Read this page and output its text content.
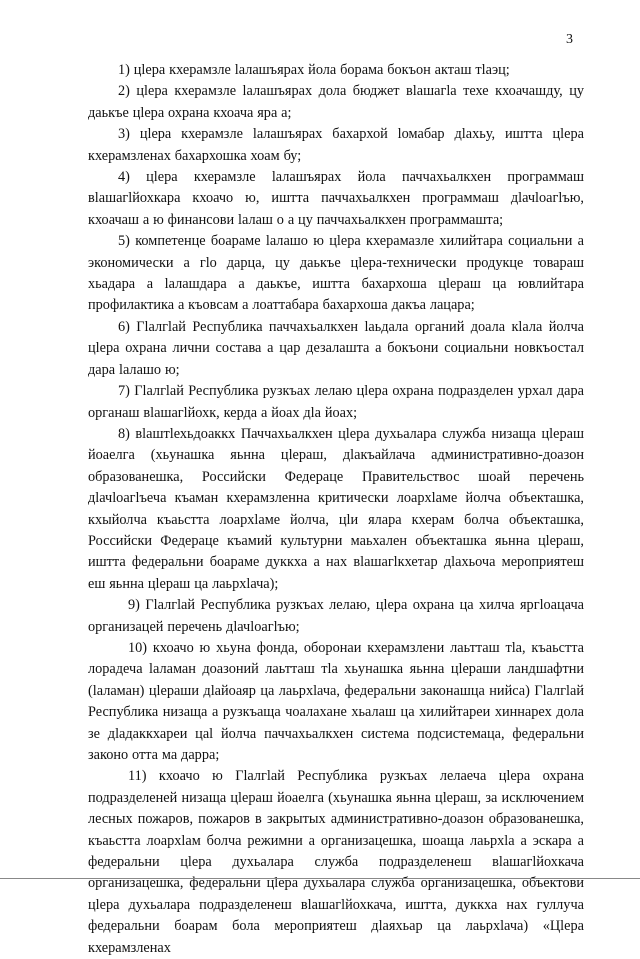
3

1) цlера кхерамзле lалашъярах йола борама бокъон акташ тlаэц;

2) цlера кхерамзле lалашъярах дола бюджет вlашагlа техе кхоачашду, цу даькъе цlера охрана кхоача яра а;

3) цlера кхерамзле lалашъярах бахархой lомабар дlахьу, иштта цlера кхерамзленах бахархошка хоам бу;

4) цlера кхерамзле lалашъярах йола паччахьалкхен программаш вlашагlйохкара кхоачо ю, иштта паччахьалкхен программаш дlачlоагlъю, кхоачаш а ю финансови lалаш о а цу паччахьалкхен программашта;

5) компетенце боараме lалашо ю цlера кхерамазле хилийтара социальни а экономически а гlо дарца, цу даькъе цlера-технически продукце товараш хьадара а lалашдара а даькъе, иштта бахархоша цlераш ца ювлийтара профилактика а къовсам а лоаттабара бахархоша дакъа лацара;

6) Гlалгlай Республика паччахьалкхен lаьдала органий доала кlала йолча цlера охрана лични состава а цар дезалашта а бокъони социальни новкъостал дара lалашо ю;

7) Гlалгlай Республика рузкъах лелаю цlера охрана подразделен урхал дара органаш вlашагlйохк, керда а йоах дlа йоах;

8) вlаштlехьдоаккх Паччахьалкхен цlера духьалара служба низаща цlераш йоаелга (хьунашка яьнна цlераш, дlакъайлача административно-доазон образованешка, Российски Федераце Правительствос шоай перечень дlачlоагlъеча къаман кхерамзленна критически лоархlаме йолча объекташка, кхыйолча къаьстта лоархlаме йолча, цlи ялара кхерам болча объекташка, Российски Федераце къамий культурни маьхален объекташка яьнна цlераш, иштта федеральни боараме дуккха а нах вlашагlкхетар дlахьоча мероприятеш еш яьнна цlераш ца лаьрхlача);

9) Гlалгlай Республика рузкъах лелаю, цlера охрана ца хилча яргlоацача организацей перечень дlачlоагlъю;

10) кхоачо ю хьуна фонда, оборонаи кхерамзлени лаьтташ тlа, къаьстта лорадеча lаламан доазоний лаьтташ тlа хьунашка яьнна цlераши ландшафтни (lаламан) цlераши дlайоаяр ца лаьрхlача, федеральни законашца нийса) Гlалгlай Республика низаща а рузкъаща чоалахане хьалаш ца хилийтареи хиннарех дола зе дlадаккхареи цаl йолча паччахьалкхен система подсистемаца, федеральни законо отта ма дарра;

11) кхоачо ю Гlалгlай Республика рузкъах лелаеча цlера охрана подразделеней низаща цlераш йоаелга (хьунашка яьнна цlераш, за исключением лесных пожаров, пожаров в закрытых административно-доазон образованешка, къаьстта лоархlам болча режимни а организацешка, шоаща лаьрхlа а эскара а федеральни цlера духьалара служба подразделенеш вlашагlйохкача организацешка, федеральни цlера духьалара служба организацешка, объектови цlера духьалара подразделенеш вlашагlйохкача, иштта, дуккха нах гуллуча федеральни боарам бола мероприятеш дlаяхьар ца лаьрхlача) «Цlера кхерамзленах
